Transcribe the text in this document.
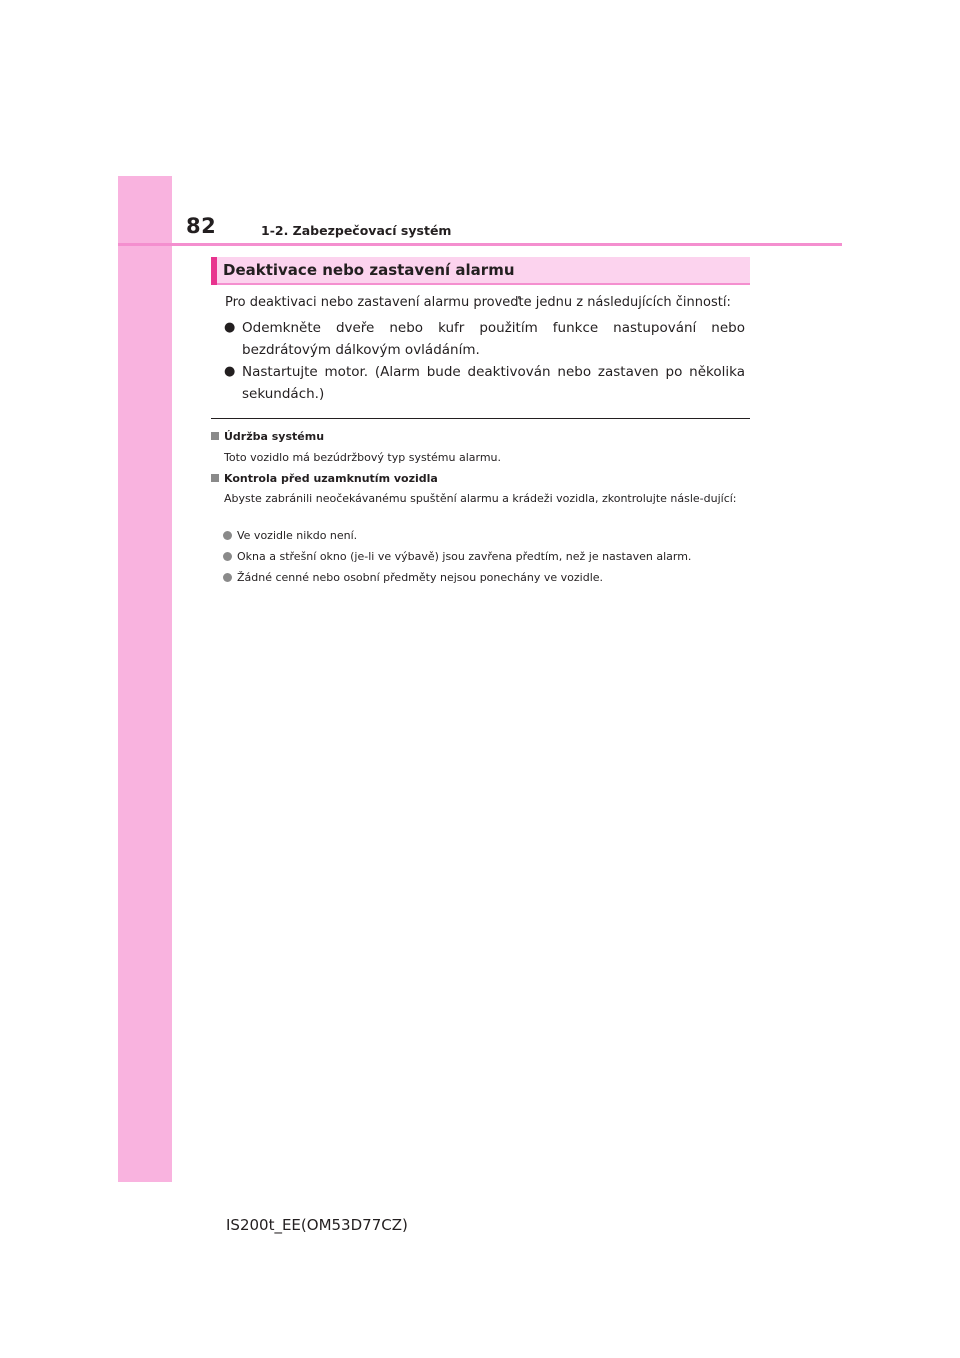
82	1-2. Zabezpečovací systém
Deaktivace nebo zastavení alarmu
Pro deaktivaci nebo zastavení alarmu proveďte jednu z následujících činností:
● Odemkněte dveře nebo kufr použitím funkce nastupování nebo bezdrátovým dálkovým ovládáním.
● Nastartujte motor. (Alarm bude deaktivován nebo zastaven po několika sekundách.)
Údržba systému
Toto vozidlo má bezúdržbový typ systému alarmu.
Kontrola před uzamknutím vozidla
Abyste zabránili neočekávanému spuštění alarmu a krádeži vozidla, zkontrolujte násle-dující:
Ve vozidle nikdo není.
Okna a střešní okno (je-li ve výbavě) jsou zavřena předtím, než je nastaven alarm.
Žádné cenné nebo osobní předměty nejsou ponechány ve vozidle.
IS200t_EE(OM53D77CZ)
